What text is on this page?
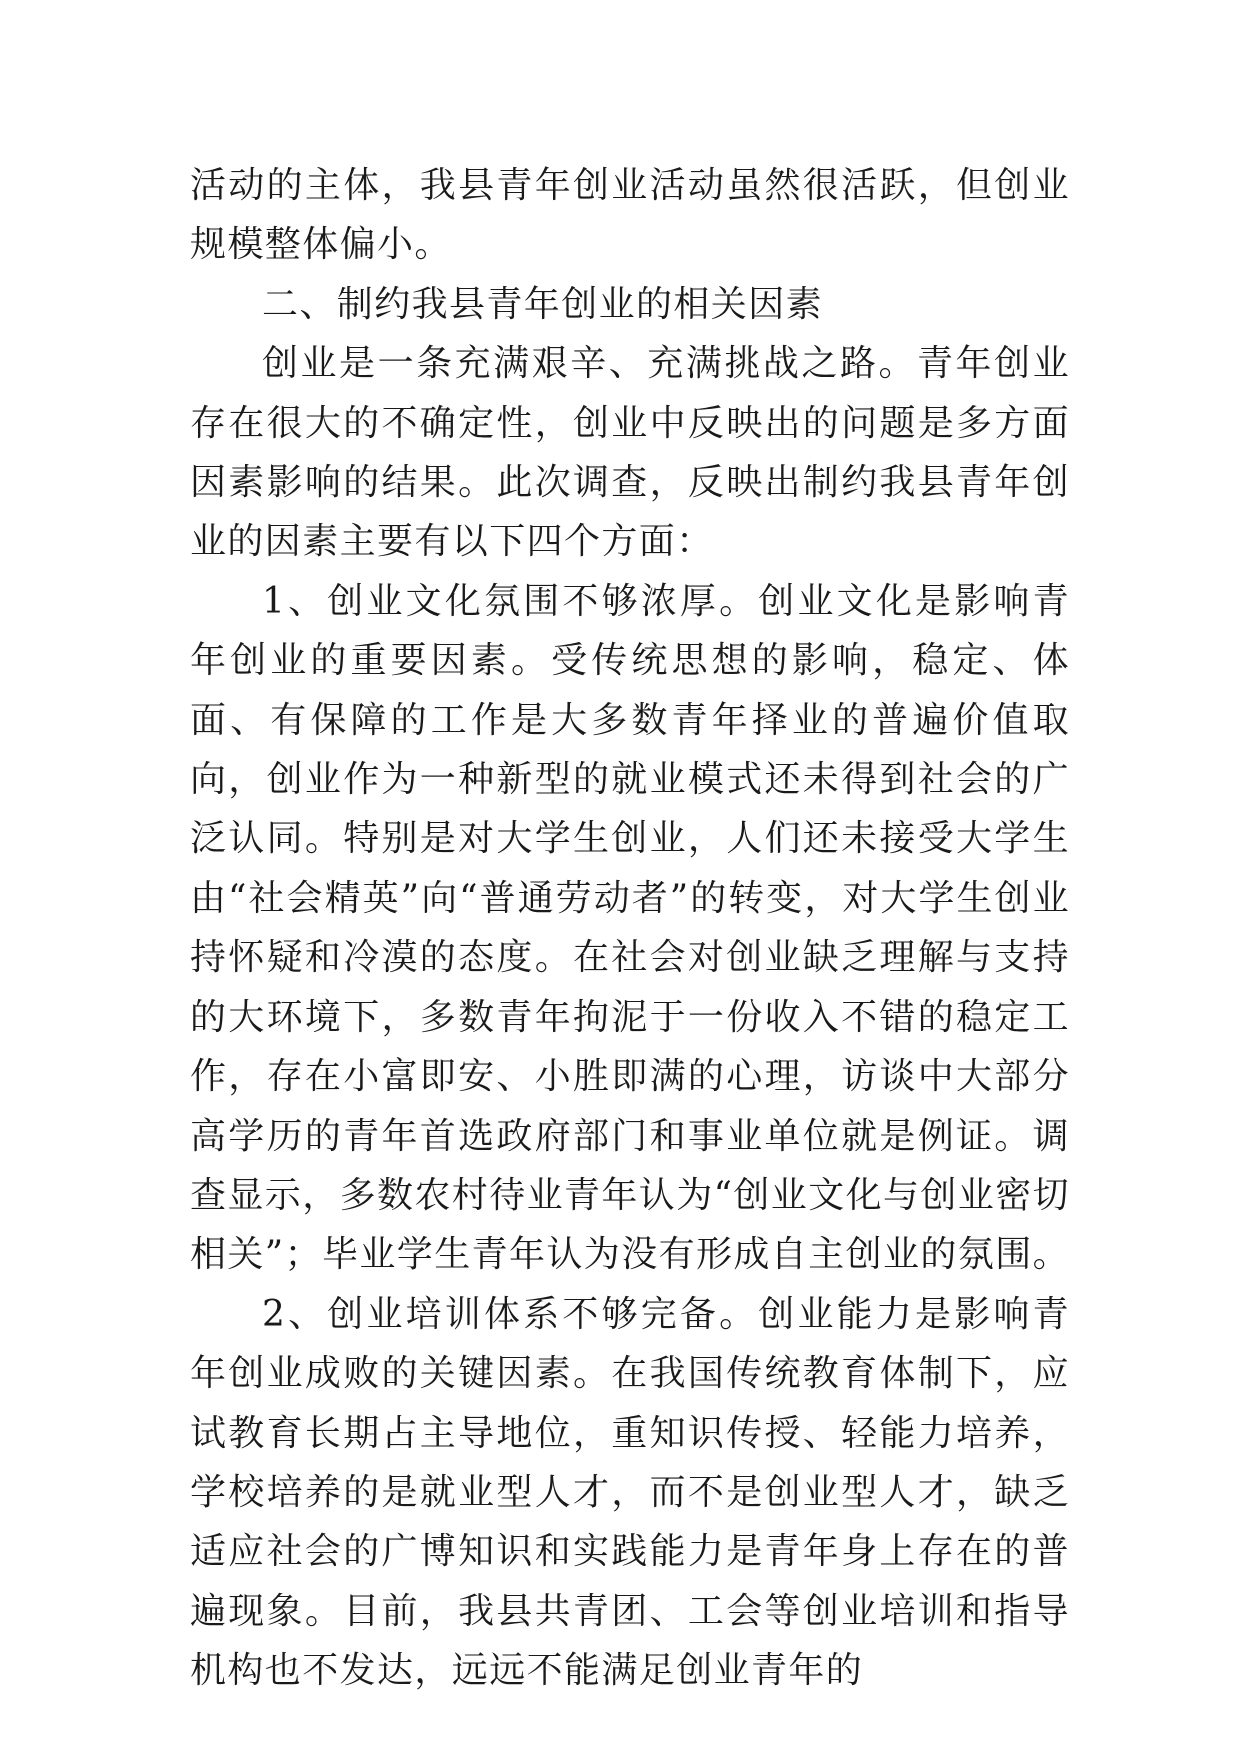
活动的主体，我县青年创业活动虽然很活跃，但创业规模整体偏小。

二、制约我县青年创业的相关因素

创业是一条充满艰辛、充满挑战之路。青年创业存在很大的不确定性，创业中反映出的问题是多方面因素影响的结果。此次调查，反映出制约我县青年创业的因素主要有以下四个方面：

1、创业文化氛围不够浓厚。创业文化是影响青年创业的重要因素。受传统思想的影响，稳定、体面、有保障的工作是大多数青年择业的普遍价值取向，创业作为一种新型的就业模式还未得到社会的广泛认同。特别是对大学生创业，人们还未接受大学生由“社会精英”向“普通劳动者”的转变，对大学生创业持怀疑和冷漠的态度。在社会对创业缺乏理解与支持的大环境下，多数青年拘泥于一份收入不错的稳定工作，存在小富即安、小胜即满的心理，访谈中大部分高学历的青年首选政府部门和事业单位就是例证。调查显示，多数农村待业青年认为“创业文化与创业密切相关”；毕业学生青年认为没有形成自主创业的氛围。

2、创业培训体系不够完备。创业能力是影响青年创业成败的关键因素。在我国传统教育体制下，应试教育长期占主导地位，重知识传授、轻能力培养，学校培养的是就业型人才，而不是创业型人才，缺乏适应社会的广博知识和实践能力是青年身上存在的普遍现象。目前，我县共青团、工会等创业培训和指导机构也不发达，远远不能满足创业青年的
